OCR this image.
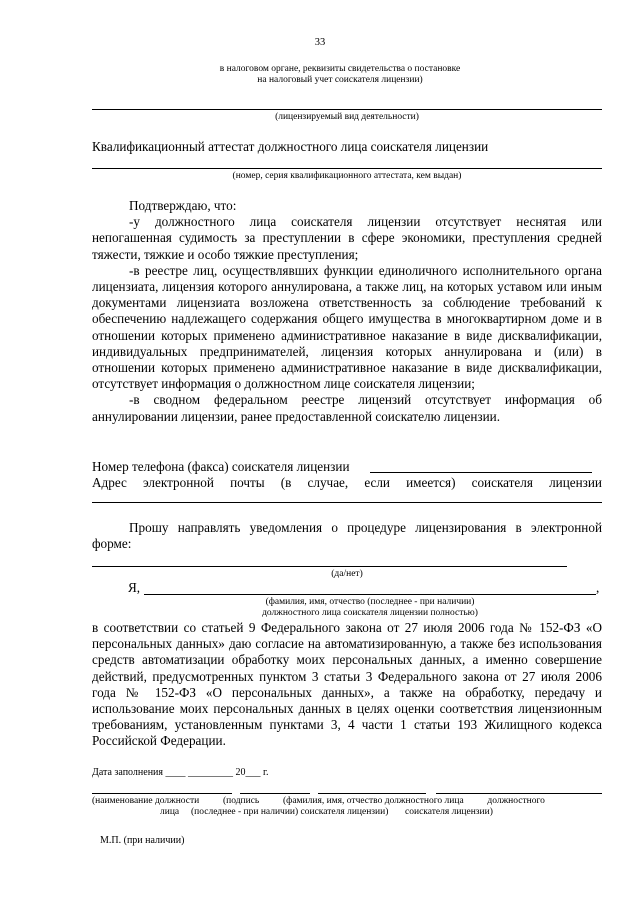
33
в налоговом органе, реквизиты свидетельства о постановке
на налоговый учет соискателя лицензии)
(лицензируемый вид деятельности)
Квалификационный аттестат должностного лица соискателя лицензии
(номер, серия квалификационного аттестата, кем выдан)

Подтверждаю, что:

-у должностного лица соискателя лицензии отсутствует неснятая или непогашенная судимость за преступлении в сфере экономики, преступления средней тяжести, тяжкие и особо тяжкие преступления;

-в реестре лиц, осуществлявших функции единоличного исполнительного органа лицензиата, лицензия которого аннулирована, а также лиц, на которых уставом или иным документами лицензиата возложена ответственность за соблюдение требований к обеспечению надлежащего содержания общего имущества в многоквартирном доме и в отношении которых применено административное наказание в виде дисквалификации, индивидуальных предпринимателей, лицензия которых аннулирована и (или) в отношении которых применено административное наказание в виде дисквалификации, отсутствует информация о должностном лице соискателя лицензии;

-в сводном федеральном реестре лицензий отсутствует информация об аннулировании лицензии, ранее предоставленной соискателю лицензии.

Номер телефона (факса) соискателя лицензии
Адрес электронной почты (в случае, если имеется) соискателя лицензии
Прошу направлять уведомления о процедуре лицензирования в электронной форме:
(да/нет)
Я,	,
(фамилия, имя, отчество (последнее - при наличии)
должностного лица соискателя лицензии полностью)
в соответствии со статьей 9 Федерального закона от 27 июля 2006 года № 152-ФЗ «О персональных данных» даю согласие на автоматизированную, а также без использования средств автоматизации обработку моих персональных данных, а именно совершение действий, предусмотренных пунктом 3 статьи 3 Федерального закона от 27 июля 2006 года № 152-ФЗ «О персональных данных», а также на обработку, передачу и использование моих персональных данных в целях оценки соответствия лицензионным требованиям, установленным пунктами 3, 4 части 1 статьи 193 Жилищного кодекса Российской Федерации.
Дата заполнения ____ _________ 20___ г.
(наименование должности          (подпись          (фамилия, имя, отчество должностного лица          должностного
лица     (последнее - при наличии) соискателя лицензии)       соискателя лицензии)
М.П. (при наличии)
